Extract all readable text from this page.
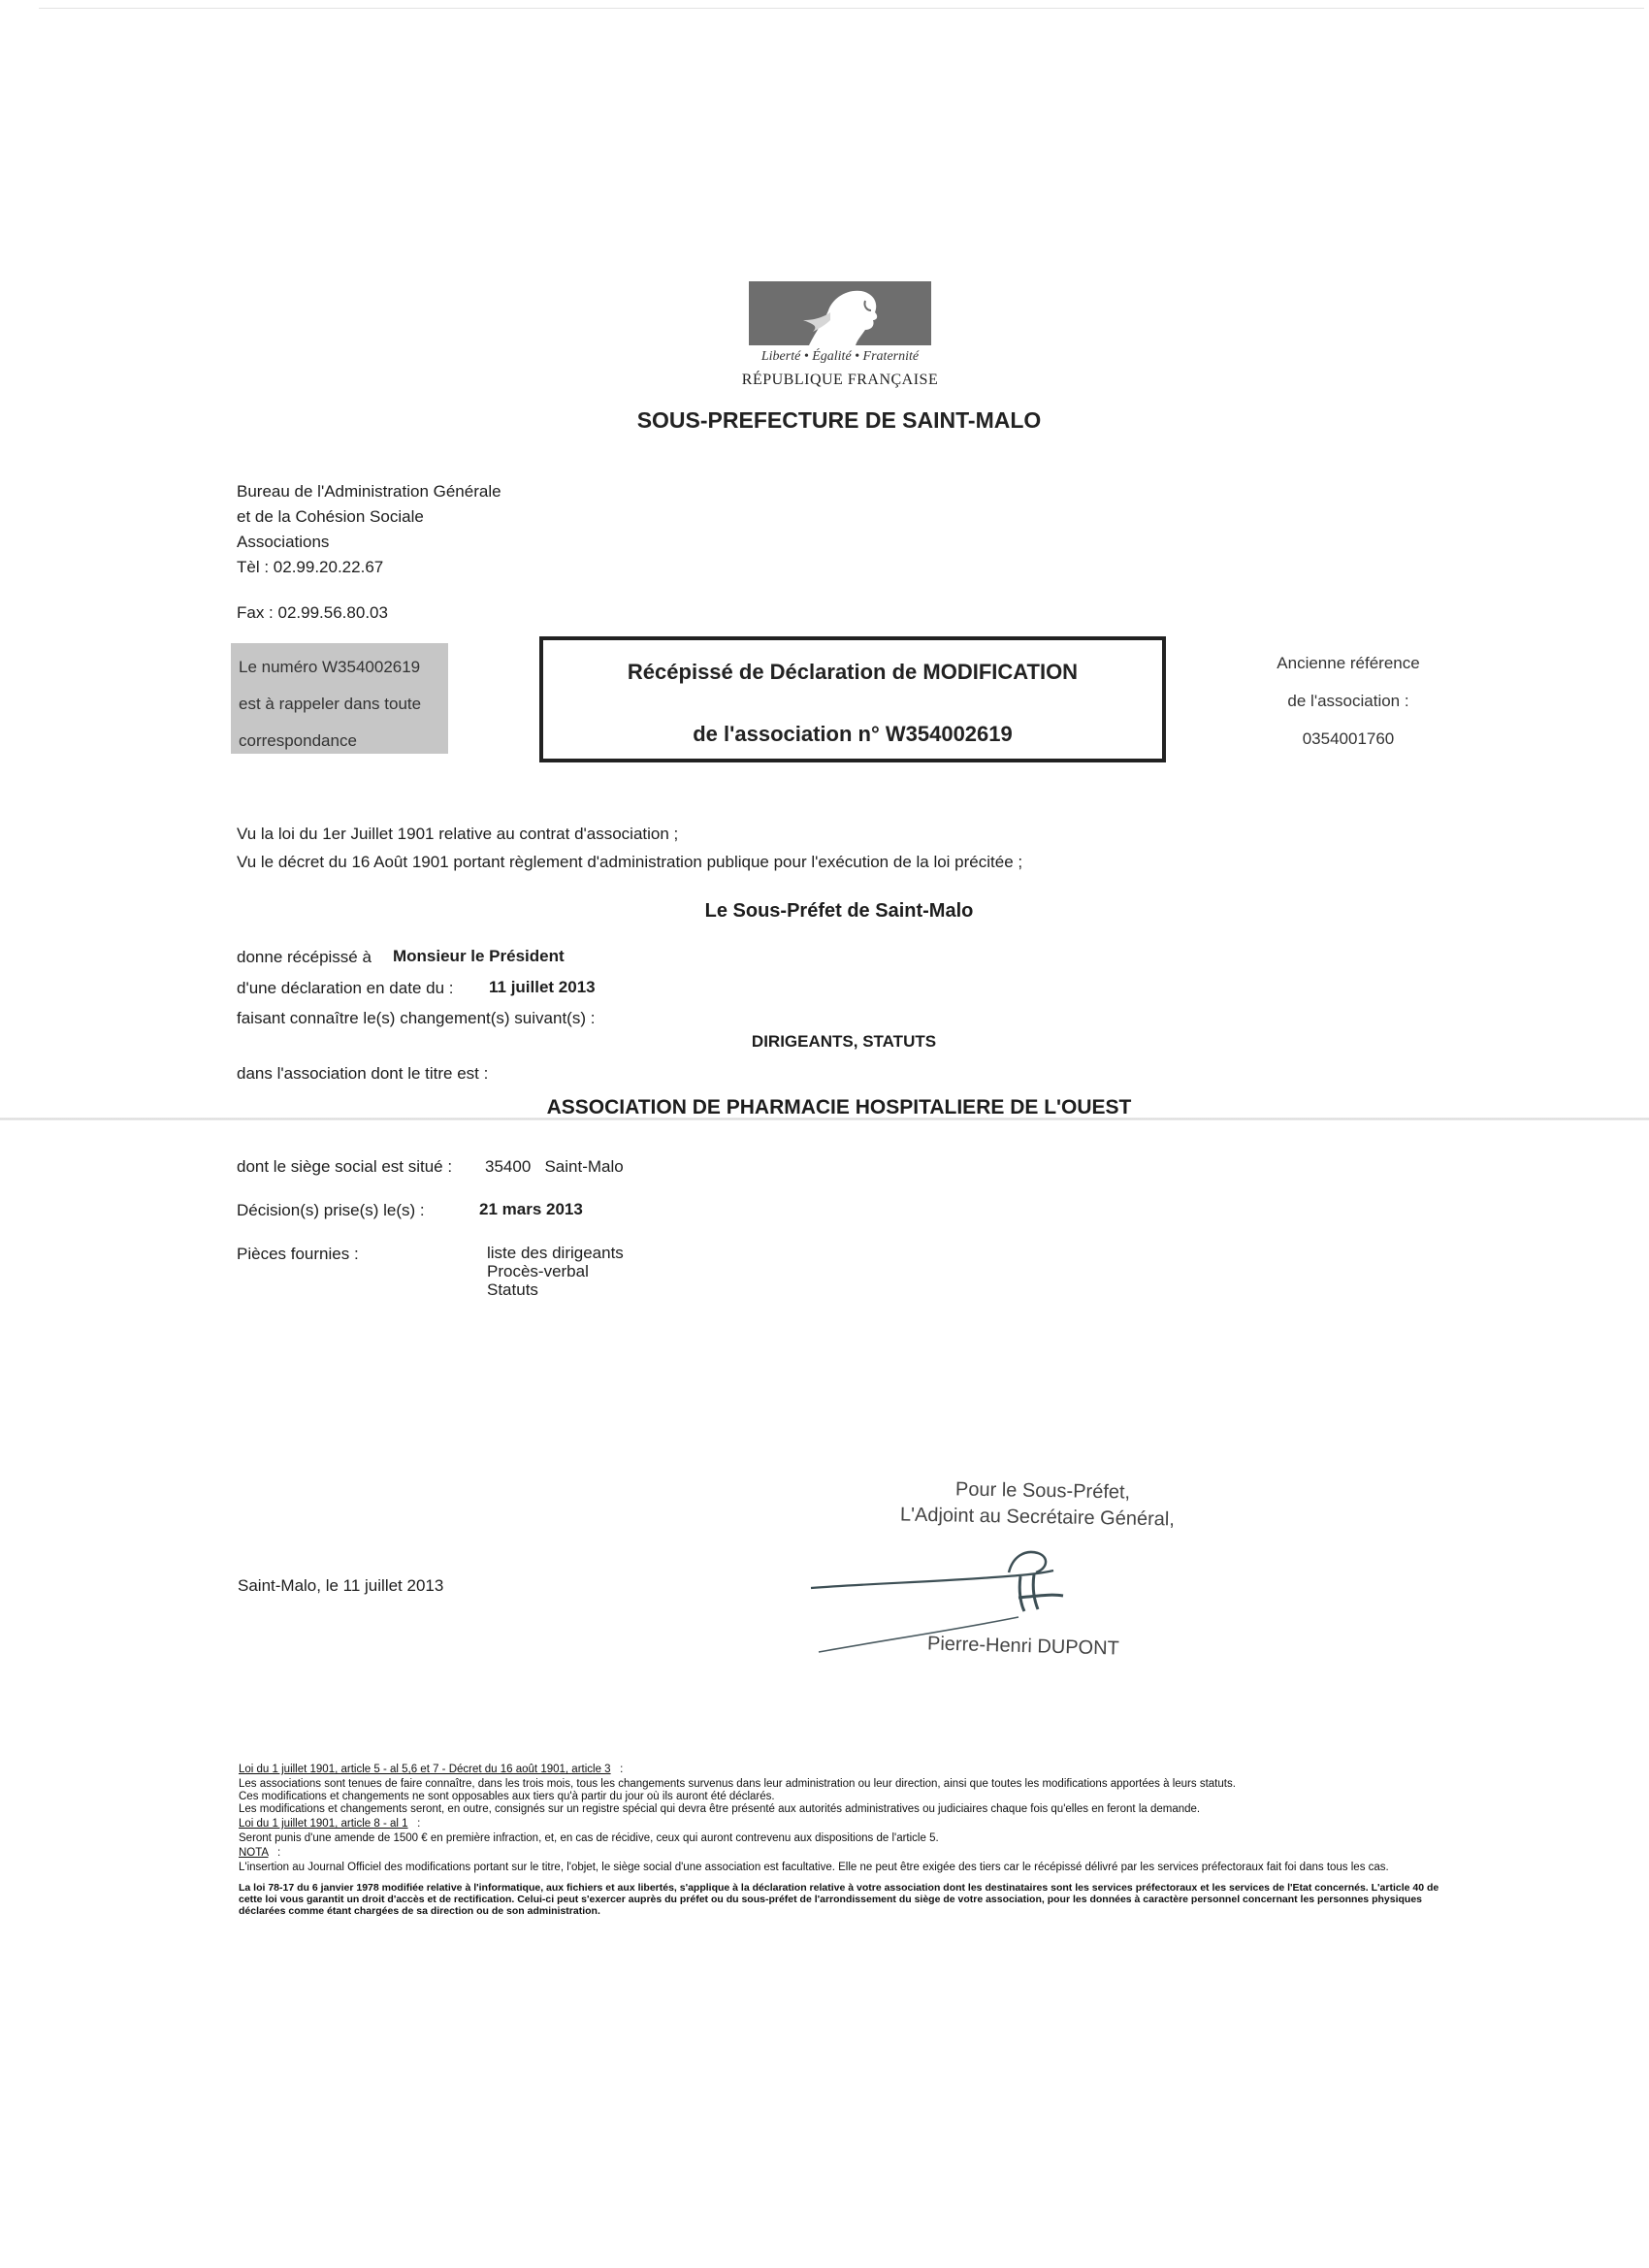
Liberté • Égalité • Fraternité
RÉPUBLIQUE FRANÇAISE
SOUS-PREFECTURE DE SAINT-MALO
Bureau de l'Administration Générale
et de la Cohésion Sociale
Associations
Tèl : 02.99.20.22.67
Fax : 02.99.56.80.03
Le numéro W354002619
est à rappeler dans toute
correspondance
Récépissé de Déclaration de MODIFICATION
de l'association n° W354002619
Ancienne référence
de l'association :
0354001760
Vu la loi du 1er Juillet 1901 relative au contrat d'association ;
Vu le décret du 16 Août 1901 portant règlement d'administration publique pour l'exécution de la loi précitée ;
Le Sous-Préfet de Saint-Malo
donne récépissé à Monsieur le Président
d'une déclaration en date du : 11 juillet 2013
faisant connaître le(s) changement(s) suivant(s) :
DIRIGEANTS, STATUTS
dans l'association dont le titre est :
ASSOCIATION DE PHARMACIE HOSPITALIERE DE L'OUEST
dont le siège social est situé : 35400   Saint-Malo
Décision(s) prise(s) le(s) :	21 mars 2013
Pièces fournies :	liste des dirigeants
Procès-verbal
Statuts
Saint-Malo, le 11 juillet 2013
Pour le Sous-Préfet,
L'Adjoint au Secrétaire Général,
Pierre-Henri DUPONT

Loi du 1 juillet 1901, article 5 - al 5,6 et 7 - Décret du 16 août 1901, article 3   :

Les associations sont tenues de faire connaître, dans les trois mois, tous les changements survenus dans leur administration ou leur direction, ainsi que toutes les modifications apportées à leurs statuts.

Ces modifications et changements ne sont opposables aux tiers qu'à partir du jour où ils auront été déclarés.

Les modifications et changements seront, en outre, consignés sur un registre spécial qui devra être présenté aux autorités administratives ou judiciaires chaque fois qu'elles en feront la demande.

Loi du 1 juillet 1901, article 8 - al 1   :

Seront punis d'une amende de 1500 € en première infraction, et, en cas de récidive, ceux qui auront contrevenu aux dispositions de l'article 5.

NOTA   :

L'insertion au Journal Officiel des modifications portant sur le titre, l'objet, le siège social d'une association est facultative. Elle ne peut être exigée des tiers car le récépissé délivré par les services préfectoraux fait foi dans tous les cas.

La loi 78-17 du 6 janvier 1978 modifiée relative à l'informatique, aux fichiers et aux libertés, s'applique à la déclaration relative à votre association dont les destinataires sont les services préfectoraux et les services de l'Etat concernés. L'article 40 de cette loi vous garantit un droit d'accès et de rectification. Celui-ci peut s'exercer auprès du préfet ou du sous-préfet de l'arrondissement du siège de votre association, pour les données à caractère personnel concernant les personnes physiques déclarées comme étant chargées de sa direction ou de son administration.
